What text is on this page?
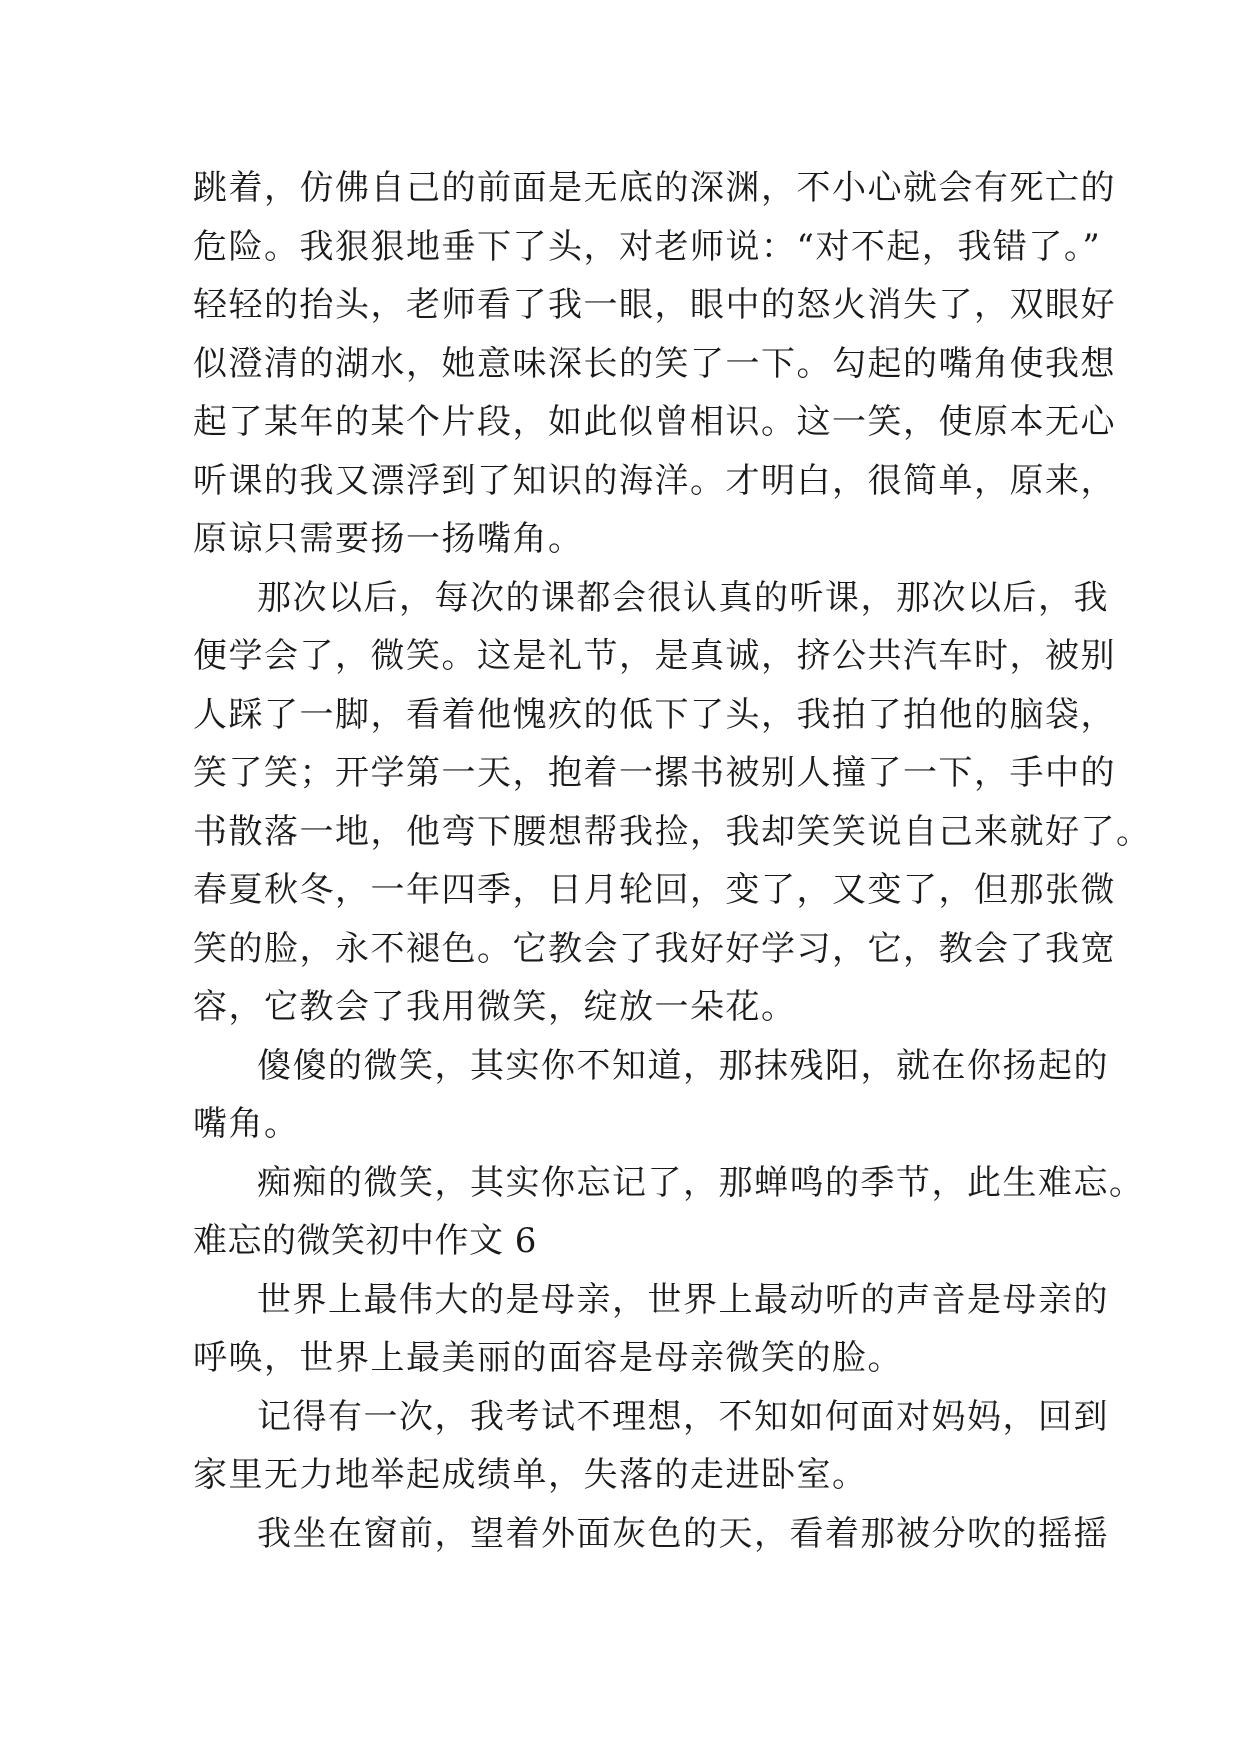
跳着，仿佛自己的前面是无底的深渊，不小心就会有死亡的
危险。我狠狠地垂下了头，对老师说：“对不起，我错了。”
轻轻的抬头，老师看了我一眼，眼中的怒火消失了，双眼好
似澄清的湖水，她意味深长的笑了一下。勾起的嘴角使我想
起了某年的某个片段，如此似曾相识。这一笑，使原本无心
听课的我又漂浮到了知识的海洋。才明白，很简单，原来，
原谅只需要扬一扬嘴角。
那次以后，每次的课都会很认真的听课，那次以后，我
便学会了，微笑。这是礼节，是真诚，挤公共汽车时，被别
人踩了一脚，看着他愧疚的低下了头，我拍了拍他的脑袋，
笑了笑；开学第一天，抱着一摞书被别人撞了一下，手中的
书散落一地，他弯下腰想帮我捡，我却笑笑说自己来就好了。
春夏秋冬，一年四季，日月轮回，变了，又变了，但那张微
笑的脸，永不褪色。它教会了我好好学习，它，教会了我宽
容，它教会了我用微笑，绽放一朵花。
傻傻的微笑，其实你不知道，那抹残阳，就在你扬起的
嘴角。
痴痴的微笑，其实你忘记了，那蝉鸣的季节，此生难忘。
难忘的微笑初中作文 6
世界上最伟大的是母亲，世界上最动听的声音是母亲的
呼唤，世界上最美丽的面容是母亲微笑的脸。
记得有一次，我考试不理想，不知如何面对妈妈，回到
家里无力地举起成绩单，失落的走进卧室。
我坐在窗前，望着外面灰色的天，看着那被分吹的摇摇
